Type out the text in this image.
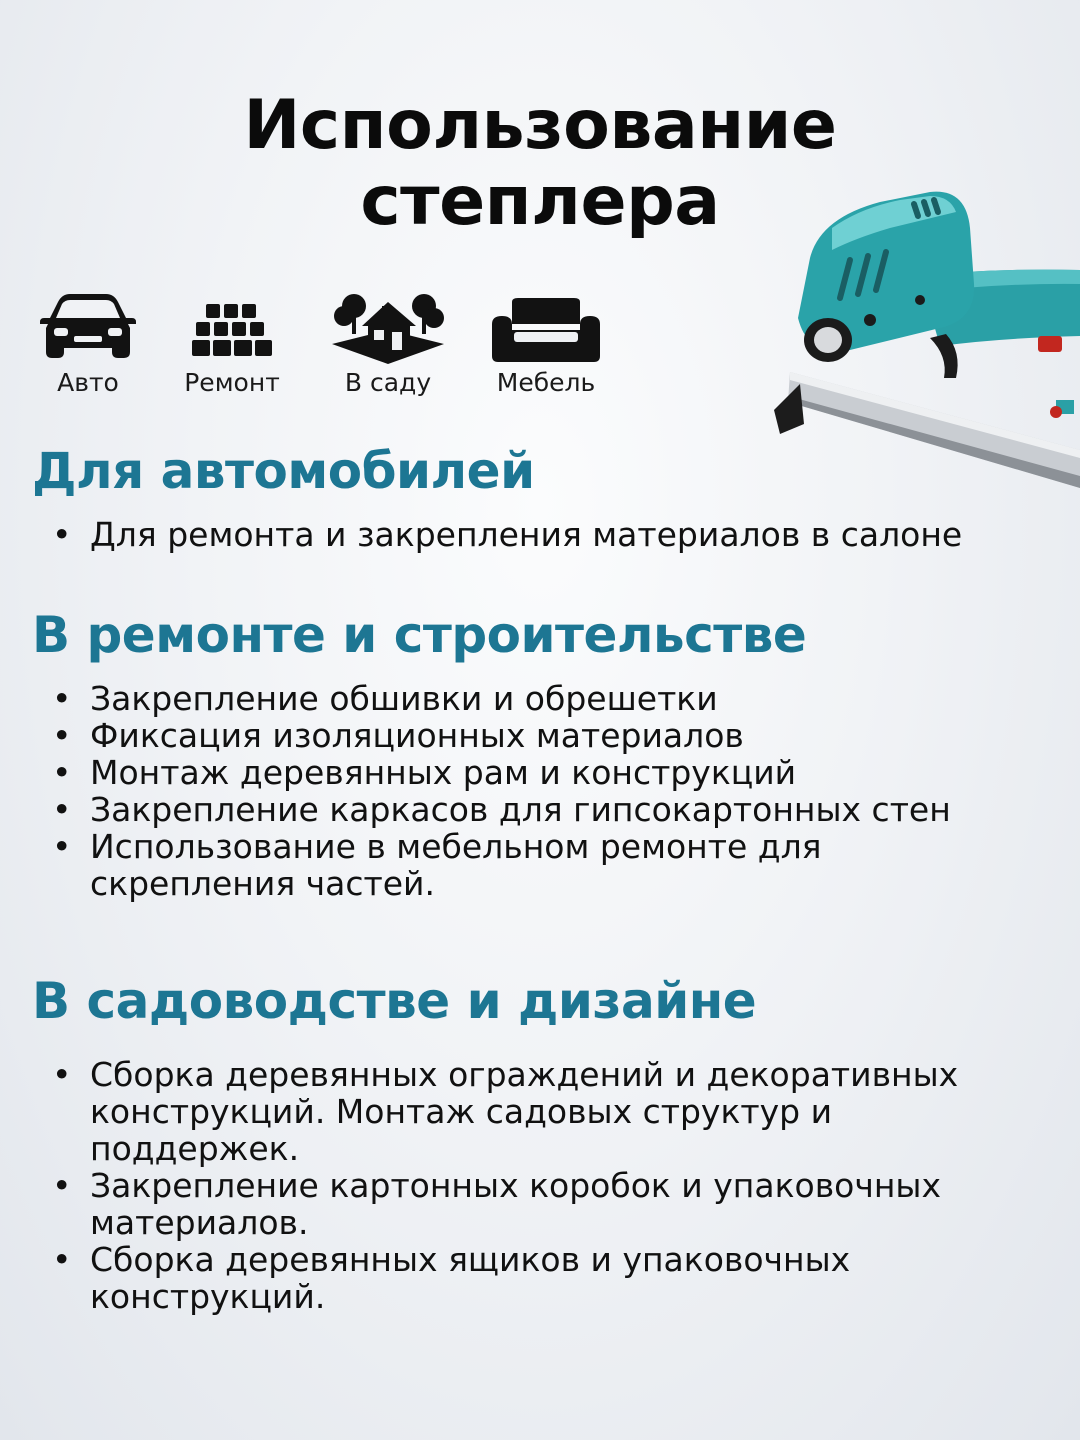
Использование
степлера
Авто	Ремонт	В саду	Мебель
Для автомобилей
• Для ремонта и закрепления материалов в салоне
В ремонте и строительстве
• Закрепление обшивки и обрешетки
• Фиксация изоляционных материалов
• Монтаж деревянных рам и конструкций
• Закрепление каркасов для гипсокартонных стен
• Использование в мебельном ремонте для скрепления частей.
В садоводстве и дизайне
• Сборка деревянных ограждений и декоративных конструкций. Монтаж садовых структур и поддержек.
• Закрепление картонных коробок и упаковочных материалов.
• Сборка деревянных ящиков и упаковочных конструкций.
